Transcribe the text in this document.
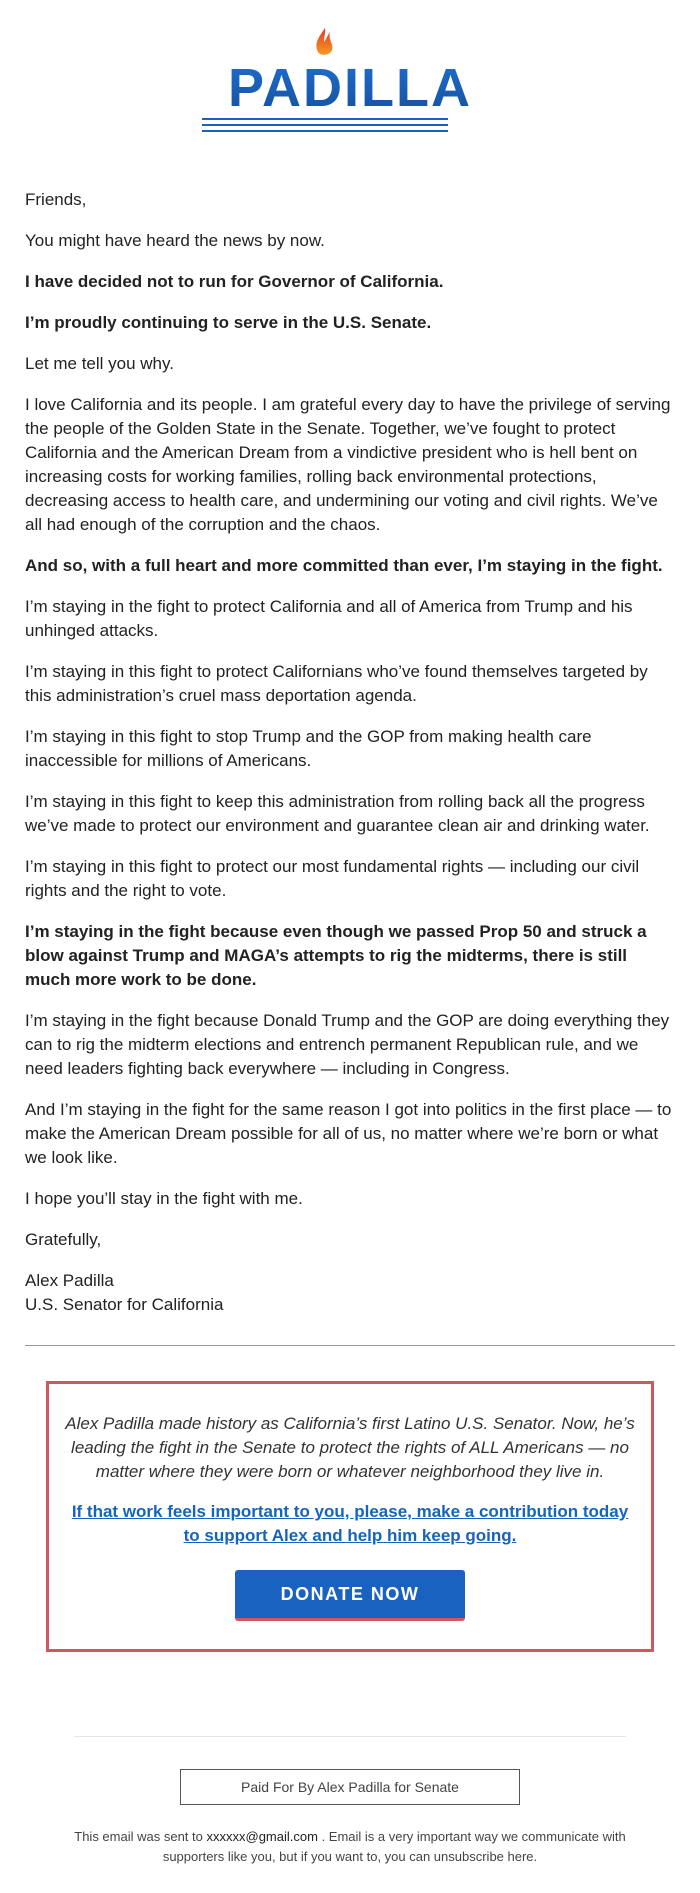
PADILLA

Friends,

You might have heard the news by now.

I have decided not to run for Governor of California.

I’m proudly continuing to serve in the U.S. Senate.

Let me tell you why.

I love California and its people. I am grateful every day to have the privilege of serving the people of the Golden State in the Senate. Together, we’ve fought to protect California and the American Dream from a vindictive president who is hell bent on increasing costs for working families, rolling back environmental protections, decreasing access to health care, and undermining our voting and civil rights. We’ve all had enough of the corruption and the chaos.

And so, with a full heart and more committed than ever, I’m staying in the fight.

I’m staying in the fight to protect California and all of America from Trump and his unhinged attacks.

I’m staying in this fight to protect Californians who’ve found themselves targeted by this administration’s cruel mass deportation agenda.

I’m staying in this fight to stop Trump and the GOP from making health care inaccessible for millions of Americans.

I’m staying in this fight to keep this administration from rolling back all the progress we’ve made to protect our environment and guarantee clean air and drinking water.

I’m staying in this fight to protect our most fundamental rights — including our civil rights and the right to vote.

I’m staying in the fight because even though we passed Prop 50 and struck a blow against Trump and MAGA’s attempts to rig the midterms, there is still much more work to be done.

I’m staying in the fight because Donald Trump and the GOP are doing everything they can to rig the midterm elections and entrench permanent Republican rule, and we need leaders fighting back everywhere — including in Congress.

And I’m staying in the fight for the same reason I got into politics in the first place — to make the American Dream possible for all of us, no matter where we’re born or what we look like.

I hope you’ll stay in the fight with me.

Gratefully,

Alex Padilla
U.S. Senator for California

Alex Padilla made history as California’s first Latino U.S. Senator. Now, he’s leading the fight in the Senate to protect the rights of ALL Americans — no matter where they were born or whatever neighborhood they live in.

If that work feels important to you, please, make a contribution today to support Alex and help him keep going.
DONATE NOW
Paid For By Alex Padilla for Senate
This email was sent to xxxxxx@gmail.com . Email is a very important way we communicate with supporters like you, but if you want to, you can unsubscribe here.
